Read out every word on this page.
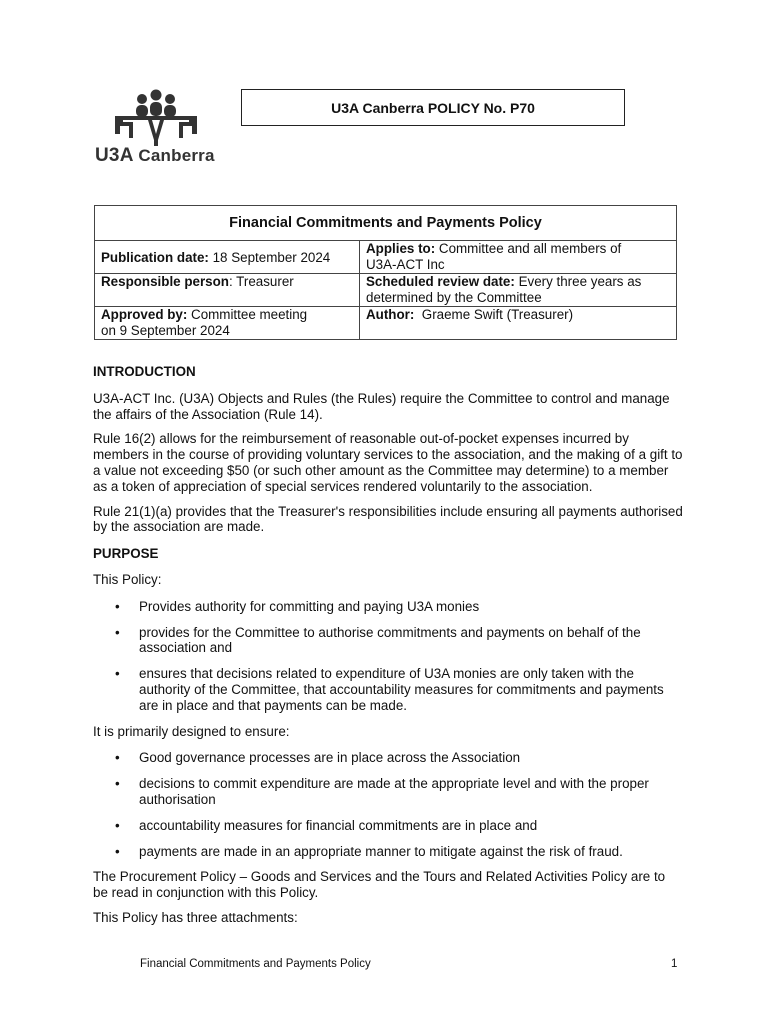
U3A Canberra
U3A Canberra POLICY No. P70
Financial Commitments and Payments Policy	
Publication date: 18 September 2024	Applies to: Committee and all members of
U3A-ACT Inc

Responsible person: Treasurer	Scheduled review date: Every three years as
determined by the Committee

Approved by: Committee meeting
on 9 September 2024	Author:  Graeme Swift (Treasurer)
INTRODUCTION

U3A-ACT Inc. (U3A) Objects and Rules (the Rules) require the Committee to control and manage the affairs of the Association (Rule 14).

Rule 16(2) allows for the reimbursement of reasonable out-of-pocket expenses incurred by members in the course of providing voluntary services to the association, and the making of a gift to a value not exceeding $50 (or such other amount as the Committee may determine) to a member as a token of appreciation of special services rendered voluntarily to the association.

Rule 21(1)(a) provides that the Treasurer's responsibilities include ensuring all payments authorised by the association are made.

PURPOSE

This Policy:

• Provides authority for committing and paying U3A monies
• provides for the Committee to authorise commitments and payments on behalf of the association and
• ensures that decisions related to expenditure of U3A monies are only taken with the authority of the Committee, that accountability measures for commitments and payments are in place and that payments can be made.

It is primarily designed to ensure:

• Good governance processes are in place across the Association
• decisions to commit expenditure are made at the appropriate level and with the proper authorisation
• accountability measures for financial commitments are in place and
• payments are made in an appropriate manner to mitigate against the risk of fraud.

The Procurement Policy – Goods and Services and the Tours and Related Activities Policy are to be read in conjunction with this Policy.

This Policy has three attachments:

Financial Commitments and Payments Policy	1
